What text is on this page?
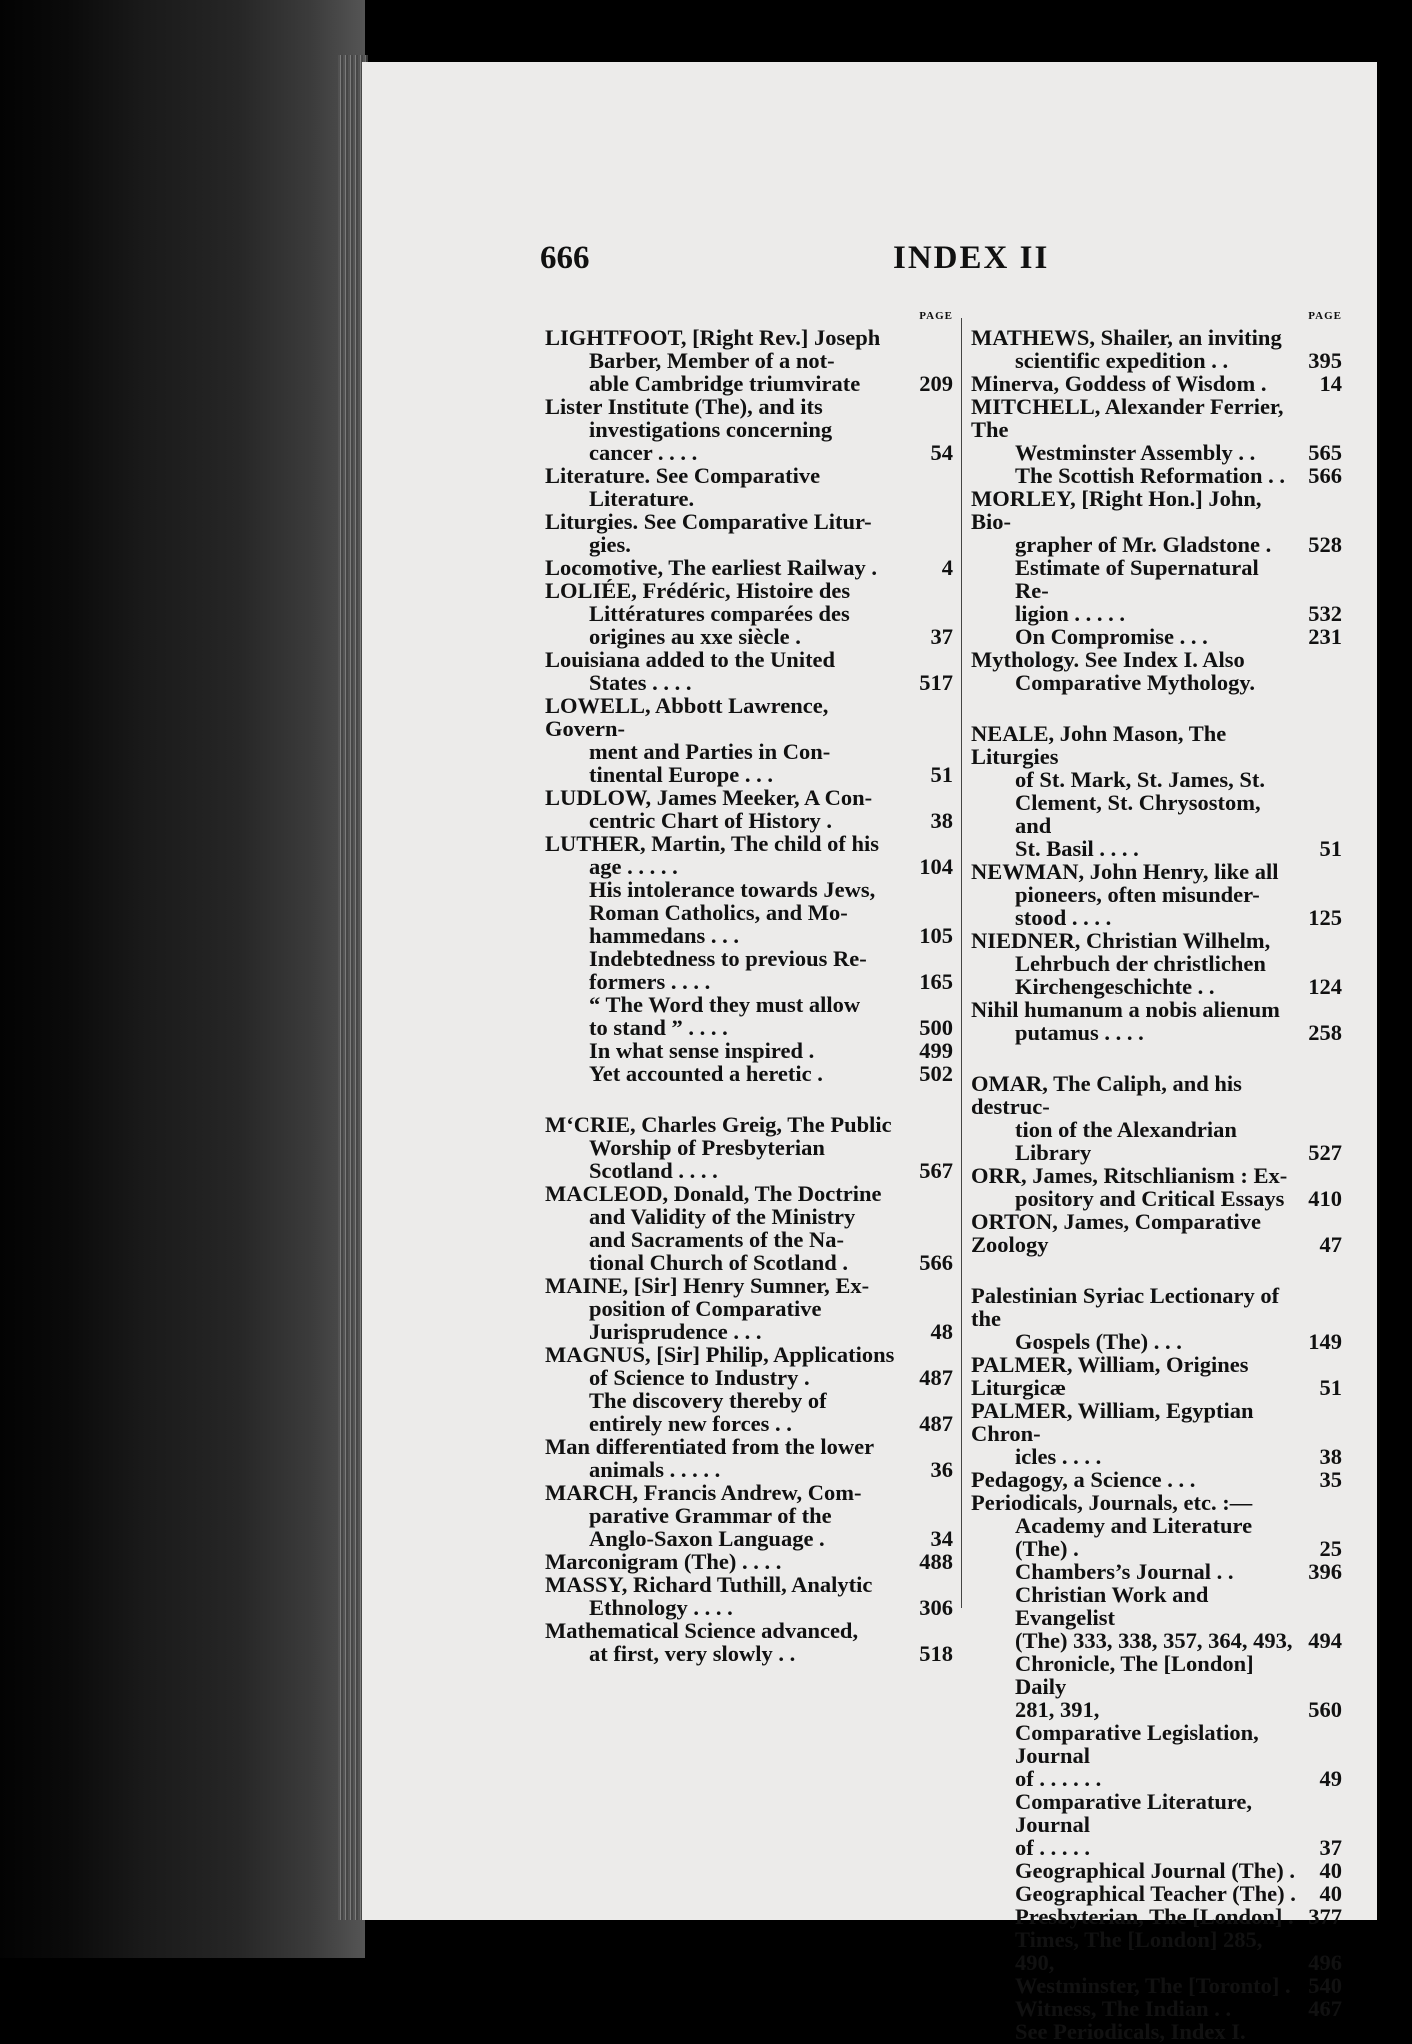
666	INDEX II
PAGE
LIGHTFOOT, [Right Rev.] Joseph
Barber, Member of a not-
able Cambridge triumvirate	209
Lister Institute (The), and its
investigations concerning
cancer . . . .	54
Literature. See Comparative
Literature.
Liturgies. See Comparative Litur-
gies.
Locomotive, The earliest Railway .	4
LOLIÉE, Frédéric, Histoire des
Littératures comparées des
origines au xxe siècle .	37
Louisiana added to the United
States . . . .	517
LOWELL, Abbott Lawrence, Govern-
ment and Parties in Con-
tinental Europe . . .	51
LUDLOW, James Meeker, A Con-
centric Chart of History .	38
LUTHER, Martin, The child of his
age . . . . .	104
His intolerance towards Jews,
Roman Catholics, and Mo-
hammedans . . .	105
Indebtedness to previous Re-
formers . . . .	165
“ The Word they must allow
to stand ” . . . .	500
In what sense inspired .	499
Yet accounted a heretic .	502
M‘CRIE, Charles Greig, The Public
Worship of Presbyterian
Scotland . . . .	567
MACLEOD, Donald, The Doctrine
and Validity of the Ministry
and Sacraments of the Na-
tional Church of Scotland .	566
MAINE, [Sir] Henry Sumner, Ex-
position of Comparative
Jurisprudence . . .	48
MAGNUS, [Sir] Philip, Applications
of Science to Industry .	487
The discovery thereby of
entirely new forces . .	487
Man differentiated from the lower
animals . . . . .	36
MARCH, Francis Andrew, Com-
parative Grammar of the
Anglo-Saxon Language .	34
Marconigram (The) . . . .	488
MASSY, Richard Tuthill, Analytic
Ethnology . . . .	306
Mathematical Science advanced,
at first, very slowly . .	518
PAGE
MATHEWS, Shailer, an inviting
scientific expedition . .	395
Minerva, Goddess of Wisdom .	14
MITCHELL, Alexander Ferrier, The
Westminster Assembly . .	565
The Scottish Reformation . .	566
MORLEY, [Right Hon.] John, Bio-
grapher of Mr. Gladstone .	528
Estimate of Supernatural Re-
ligion . . . . .	532
On Compromise . . .	231
Mythology. See Index I. Also
Comparative Mythology.
NEALE, John Mason, The Liturgies
of St. Mark, St. James, St.
Clement, St. Chrysostom, and
St. Basil . . . .	51
NEWMAN, John Henry, like all
pioneers, often misunder-
stood . . . .	125
NIEDNER, Christian Wilhelm,
Lehrbuch der christlichen
Kirchengeschichte . .	124
Nihil humanum a nobis alienum
putamus . . . .	258
OMAR, The Caliph, and his destruc-
tion of the Alexandrian Library	527
ORR, James, Ritschlianism : Ex-
pository and Critical Essays	410
ORTON, James, Comparative Zoology	47
Palestinian Syriac Lectionary of the
Gospels (The) . . .	149
PALMER, William, Origines Liturgicæ	51
PALMER, William, Egyptian Chron-
icles . . . .	38
Pedagogy, a Science . . .	35
Periodicals, Journals, etc. :—
Academy and Literature (The) .	25
Chambers’s Journal . .	396
Christian Work and Evangelist
(The) 333, 338, 357, 364, 493, 494
Chronicle, The [London] Daily
281, 391,	560
Comparative Legislation, Journal
of . . . . . .	49
Comparative Literature, Journal
of . . . . .	37
Geographical Journal (The) . 40
Geographical Teacher (The) . 40
Presbyterian, The [London] . 377
Times, The [London] 285, 490,	496
Westminster, The [Toronto] . 540
Witness, The Indian . .	467
See Periodicals, Index I.
